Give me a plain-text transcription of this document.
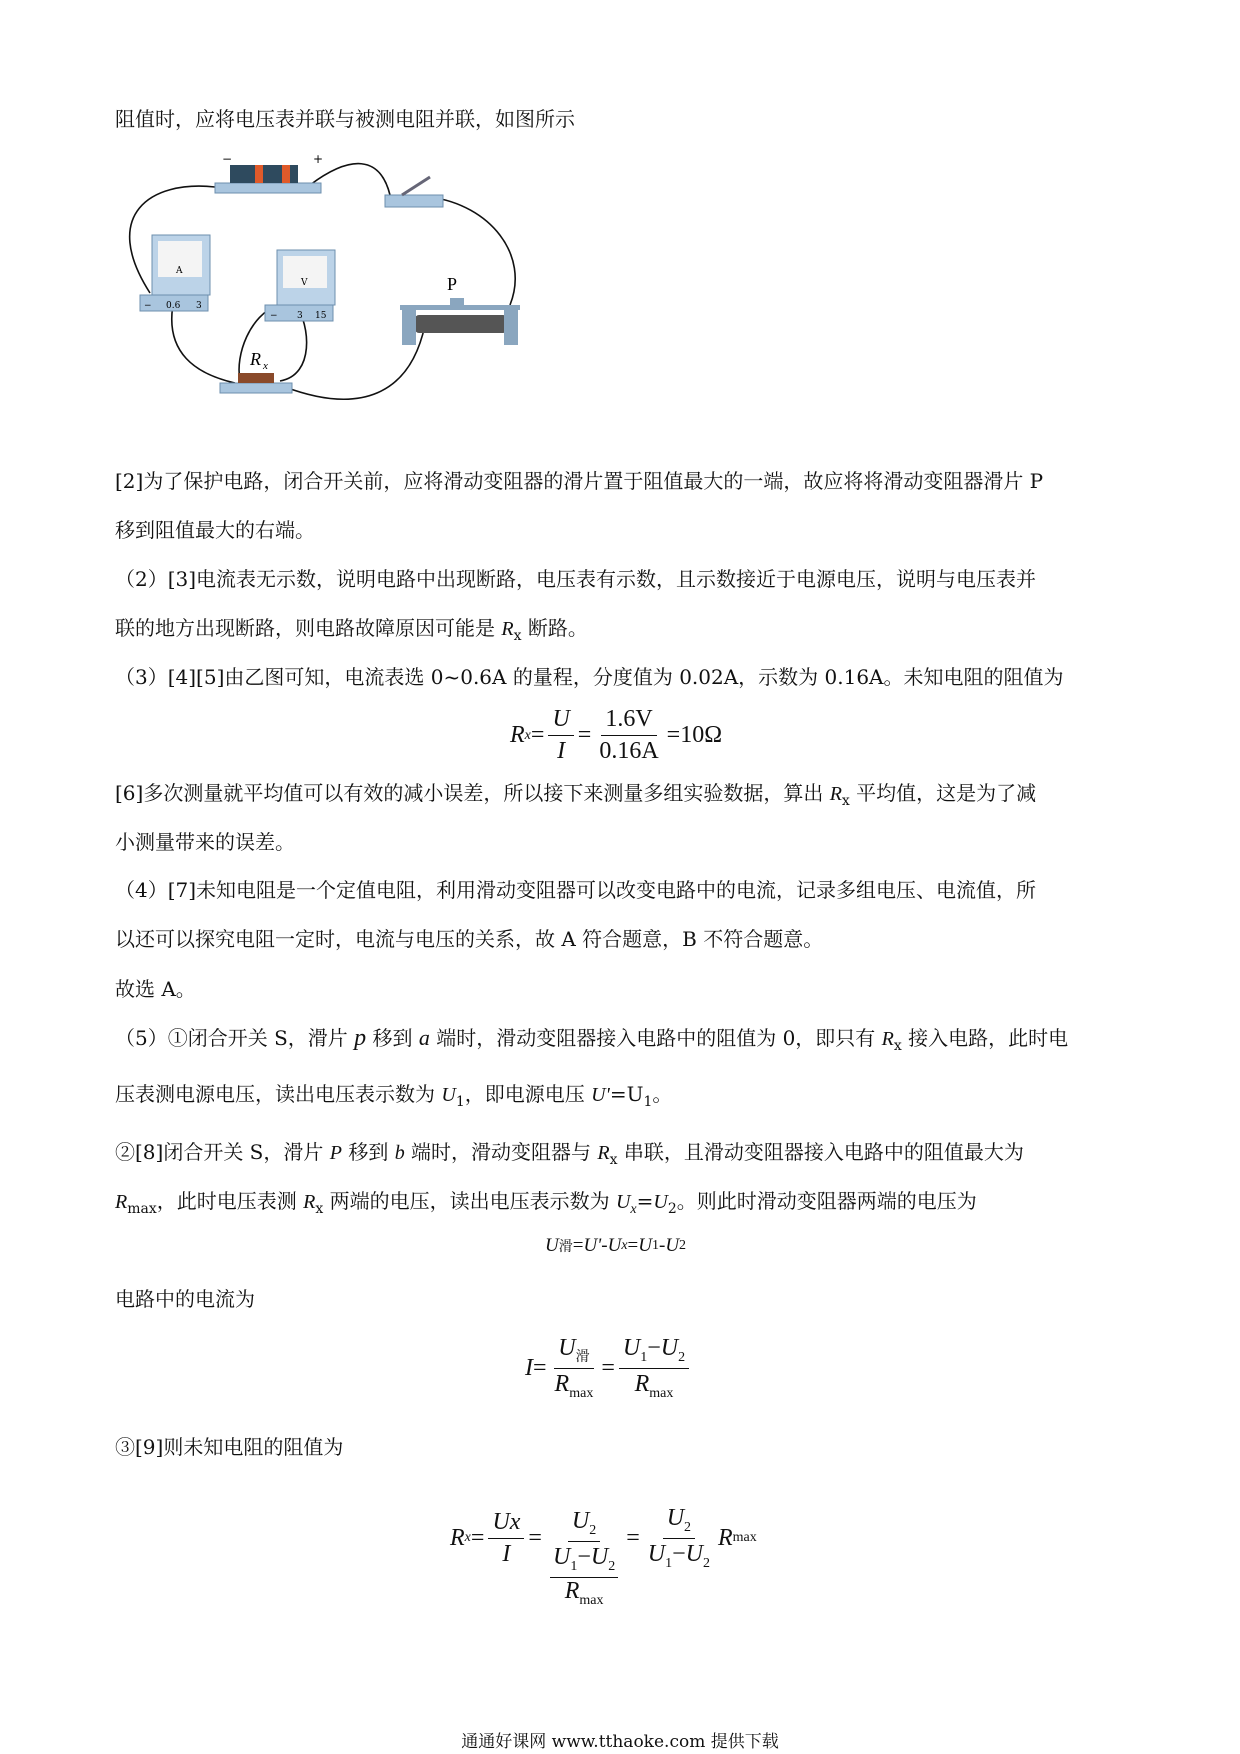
阻值时，应将电压表并联与被测电阻并联，如图所示
−	+
A
− 0.6 3
V
− 3 15
R x
P
[2]为了保护电路，闭合开关前，应将滑动变阻器的滑片置于阻值最大的一端，故应将将滑动变阻器滑片 P
移到阻值最大的右端。
（2）[3]电流表无示数，说明电路中出现断路，电压表有示数，且示数接近于电源电压，说明与电压表并
联的地方出现断路，则电路故障原因可能是 $R_x$ 断路。
（3）[4][5]由乙图可知，电流表选 0~0.6A 的量程，分度值为 0.02A，示数为 0.16A。未知电阻的阻值为
R $x = \frac{U}{I} = \frac{1.6V}{0.16A} =10\Omega$
[6]多次测量就平均值可以有效的减小误差，所以接下来测量多组实验数据，算出 $R_x$ 平均值，这是为了减
小测量带来的误差。
（4）[7]未知电阻是一个定值电阻，利用滑动变阻器可以改变电路中的电流，记录多组电压、电流值，所
以还可以探究电阻一定时，电流与电压的关系，故 A 符合题意，B 不符合题意。
故选 A。
（5）①闭合开关 S，滑片 p 移到 a 端时，滑动变阻器接入电路中的阻值为 0，即只有 $R_x$ 接入电路，此时电
压表测电源电压，读出电压表示数为 $U_1$，即电源电压 $U'=U_1$。
②[8]闭合开关 S，滑片 P 移到 b 端时，滑动变阻器与 $R_x$ 串联，且滑动变阻器接入电路中的阻值最大为
$R_{max}$，此时电压表测 $R_x$ 两端的电压，读出电压表示数为 $U_x=U_2$。则此时滑动变阻器两端的电压为
U 滑 = U' - U x = U 1 - U 2
电路中的电流为
$I = \frac{U_滑}{R_{max}} = \frac{U_1-U_2}{R_{max}}$
③[9]则未知电阻的阻值为
R $x = \frac{Ux}{I} = U_2$
$U_1-U_2$
$R_{max} = \frac{U_2}{U_1-U_2}$ R max
通通好课网 www.tthaoke.com 提供下载
